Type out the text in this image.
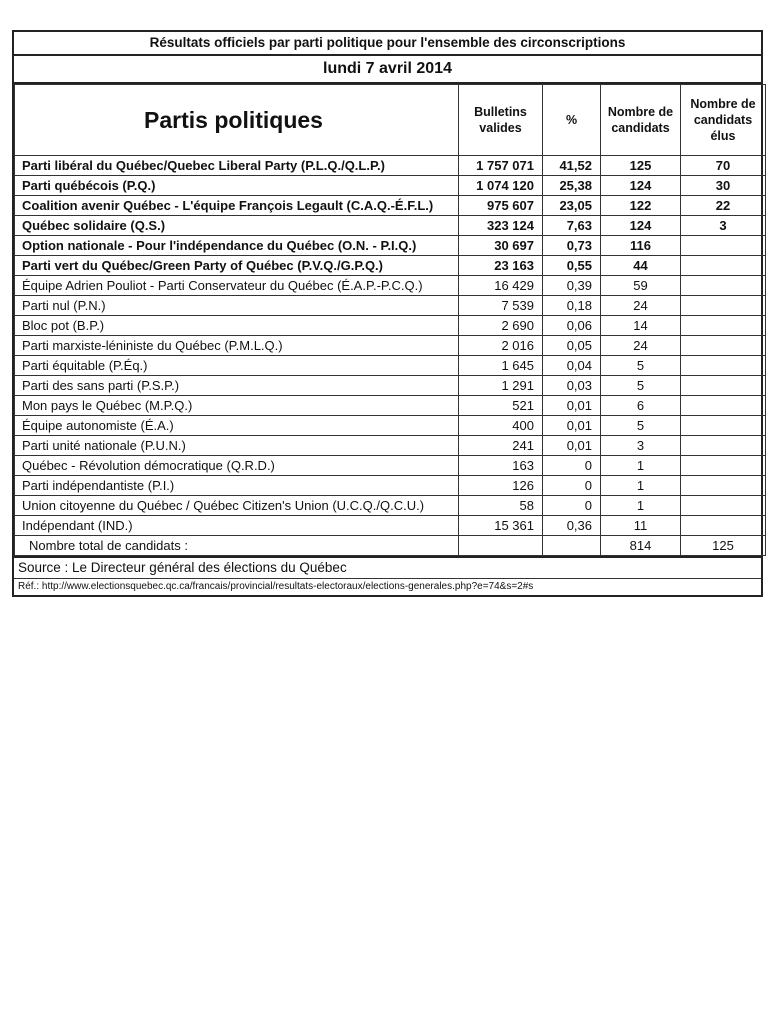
Résultats officiels par parti politique pour l'ensemble des circonscriptions
lundi 7 avril 2014
Partis politiques	Bulletins valides	%	Nombre de candidats	Nombre de candidats élus
Parti libéral du Québec/Quebec Liberal Party (P.L.Q./Q.L.P.)	1 757 071	41,52	125	70
Parti québécois (P.Q.)	1 074 120	25,38	124	30
Coalition avenir Québec - L'équipe François Legault (C.A.Q.-É.F.L.)	975 607	23,05	122	22
Québec solidaire (Q.S.)	323 124	7,63	124	3
Option nationale - Pour l'indépendance du Québec (O.N. - P.I.Q.)	30 697	0,73	116	
Parti vert du Québec/Green Party of Québec (P.V.Q./G.P.Q.)	23 163	0,55	44	
Équipe Adrien Pouliot - Parti Conservateur du Québec (É.A.P.-P.C.Q.)	16 429	0,39	59	
Parti nul (P.N.)	7 539	0,18	24	
Bloc pot (B.P.)	2 690	0,06	14	
Parti marxiste-léniniste du Québec (P.M.L.Q.)	2 016	0,05	24	
Parti équitable (P.Éq.)	1 645	0,04	5	
Parti des sans parti (P.S.P.)	1 291	0,03	5	
Mon pays le Québec (M.P.Q.)	521	0,01	6	
Équipe autonomiste (É.A.)	400	0,01	5	
Parti unité nationale (P.U.N.)	241	0,01	3	
Québec - Révolution démocratique (Q.R.D.)	163	0	1	
Parti indépendantiste (P.I.)	126	0	1	
Union citoyenne du Québec / Québec Citizen's Union (U.C.Q./Q.C.U.)	58	0	1	
Indépendant (IND.)	15 361	0,36	11	
Nombre total de candidats :			814	125
Source : Le Directeur général des élections du Québec
Réf.: http://www.electionsquebec.qc.ca/francais/provincial/resultats-electoraux/elections-generales.php?e=74&s=2#s
